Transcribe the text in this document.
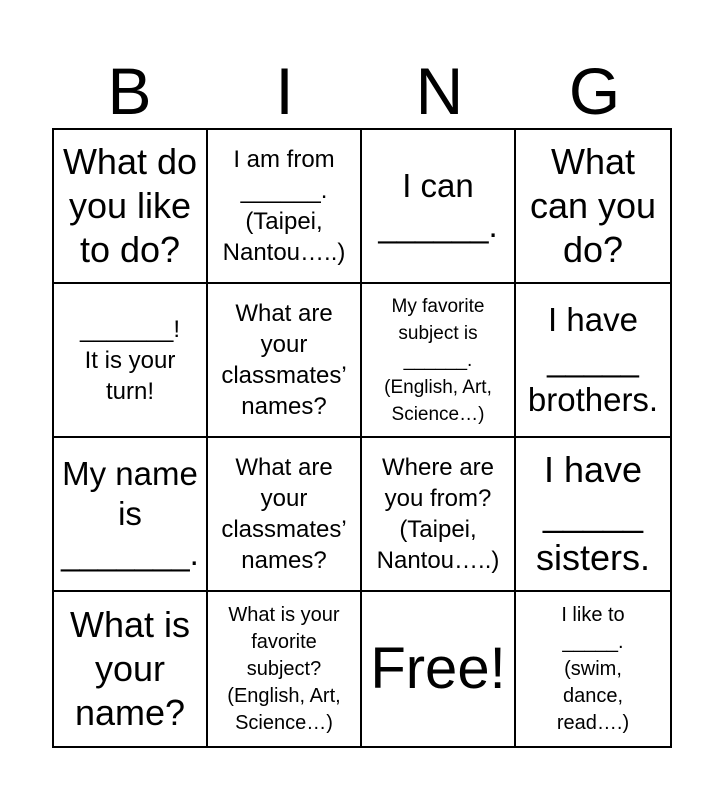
B	I	N	G
What do
you like
to do?
I am from
______.
(Taipei,
Nantou…..)
I can
______.
What
can you
do?
_______!
It is your
turn!
What are
your
classmates’
names?
My favorite
subject is
______.
(English, Art,
Science…)
I have
_____
brothers.
My name
is
_______.
What are
your
classmates’
names?
Where are
you from?
(Taipei,
Nantou…..)
I have
_____
sisters.
What is
your
name?
What is your
favorite
subject?
(English, Art,
Science…)
Free!
I like to
_____.
(swim,
dance,
read….)
